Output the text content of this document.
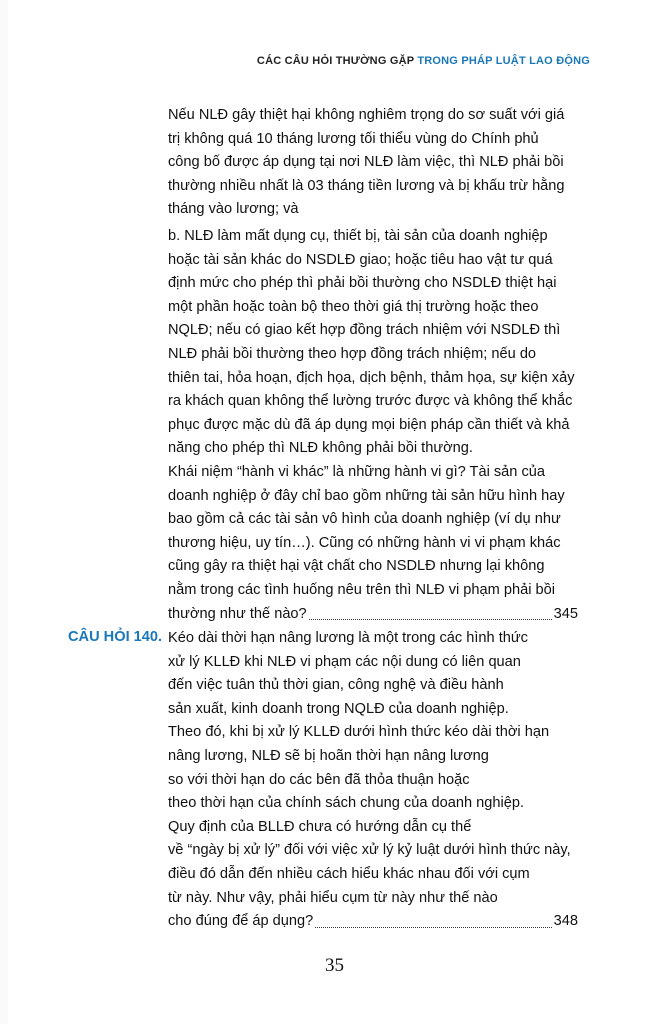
CÁC CÂU HỎI THƯỜNG GẶP TRONG PHÁP LUẬT LAO ĐỘNG
Nếu NLĐ gây thiệt hại không nghiêm trọng do sơ suất với giá
trị không quá 10 tháng lương tối thiểu vùng do Chính phủ
công bố được áp dụng tại nơi NLĐ làm việc, thì NLĐ phải bồi
thường nhiều nhất là 03 tháng tiền lương và bị khấu trừ hằng
tháng vào lương; và
b. NLĐ làm mất dụng cụ, thiết bị, tài sản của doanh nghiệp
hoặc tài sản khác do NSDLĐ giao; hoặc tiêu hao vật tư quá
định mức cho phép thì phải bồi thường cho NSDLĐ thiệt hại
một phần hoặc toàn bộ theo thời giá thị trường hoặc theo
NQLĐ; nếu có giao kết hợp đồng trách nhiệm với NSDLĐ thì
NLĐ phải bồi thường theo hợp đồng trách nhiệm; nếu do
thiên tai, hỏa hoạn, địch họa, dịch bệnh, thảm họa, sự kiện xảy
ra khách quan không thể lường trước được và không thể khắc
phục được mặc dù đã áp dụng mọi biện pháp cần thiết và khả
năng cho phép thì NLĐ không phải bồi thường.
Khái niệm “hành vi khác” là những hành vi gì? Tài sản của
doanh nghiệp ở đây chỉ bao gồm những tài sản hữu hình hay
bao gồm cả các tài sản vô hình của doanh nghiệp (ví dụ như
thương hiệu, uy tín…). Cũng có những hành vi vi phạm khác
cũng gây ra thiệt hại vật chất cho NSDLĐ nhưng lại không
nằm trong các tình huống nêu trên thì NLĐ vi phạm phải bồi
thường như thế nào?	345
CÂU HỎI 140. Kéo dài thời hạn nâng lương là một trong các hình thức
xử lý KLLĐ khi NLĐ vi phạm các nội dung có liên quan
đến việc tuân thủ thời gian, công nghệ và điều hành
sản xuất, kinh doanh trong NQLĐ của doanh nghiệp.
Theo đó, khi bị xử lý KLLĐ dưới hình thức kéo dài thời hạn
nâng lương, NLĐ sẽ bị hoãn thời hạn nâng lương
so với thời hạn do các bên đã thỏa thuận hoặc
theo thời hạn của chính sách chung của doanh nghiệp.
Quy định của BLLĐ chưa có hướng dẫn cụ thể
về “ngày bị xử lý” đối với việc xử lý kỷ luật dưới hình thức này,
điều đó dẫn đến nhiều cách hiểu khác nhau đối với cụm
từ này. Như vậy, phải hiểu cụm từ này như thế nào
cho đúng để áp dụng?	348
35
